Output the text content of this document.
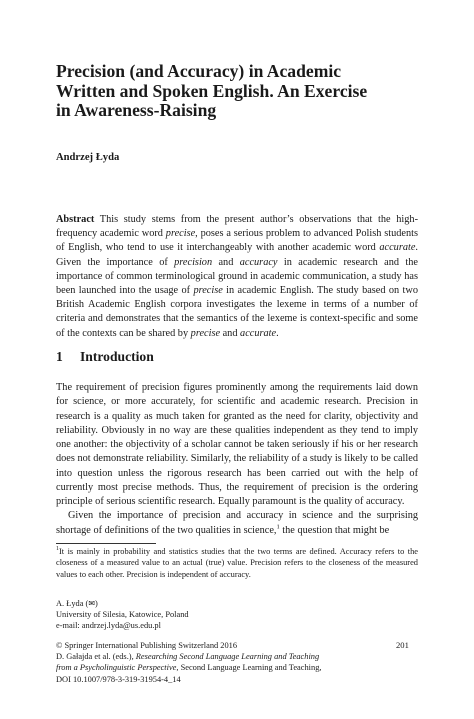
Precision (and Accuracy) in Academic
Written and Spoken English. An Exercise
in Awareness-Raising
Andrzej Łyda

Abstract This study stems from the present author’s observations that the high-frequency academic word precise, poses a serious problem to advanced Polish students of English, who tend to use it interchangeably with another academic word accurate. Given the importance of precision and accuracy in academic research and the importance of common terminological ground in academic communication, a study has been launched into the usage of precise in academic English. The study based on two British Academic English corpora investigates the lexeme in terms of a number of criteria and demonstrates that the semantics of the lexeme is context-specific and some of the contexts can be shared by precise and accurate.

1 Introduction

The requirement of precision figures prominently among the requirements laid down for science, or more accurately, for scientific and academic research. Precision in research is a quality as much taken for granted as the need for clarity, objectivity and reliability. Obviously in no way are these qualities independent as they tend to imply one another: the objectivity of a scholar cannot be taken seriously if his or her research does not demonstrate reliability. Similarly, the reliability of a study is likely to be called into question unless the rigorous research has been carried out with the help of currently most precise methods. Thus, the requirement of precision is the ordering principle of serious scientific research. Equally paramount is the quality of accuracy.

Given the importance of precision and accuracy in science and the surprising shortage of definitions of the two qualities in science,$^1$ the question that might be

$^1$It is mainly in probability and statistics studies that the two terms are defined. Accuracy refers to the closeness of a measured value to an actual (true) value. Precision refers to the closeness of the measured values to each other. Precision is independent of accuracy.

A. Łyda (✉)
University of Silesia, Katowice, Poland
e-mail: andrzej.lyda@us.edu.pl
© Springer International Publishing Switzerland 2016
D. Gałajda et al. (eds.), Researching Second Language Learning and Teaching
from a Psycholinguistic Perspective, Second Language Learning and Teaching,
DOI 10.1007/978-3-319-31954-4_14
201
